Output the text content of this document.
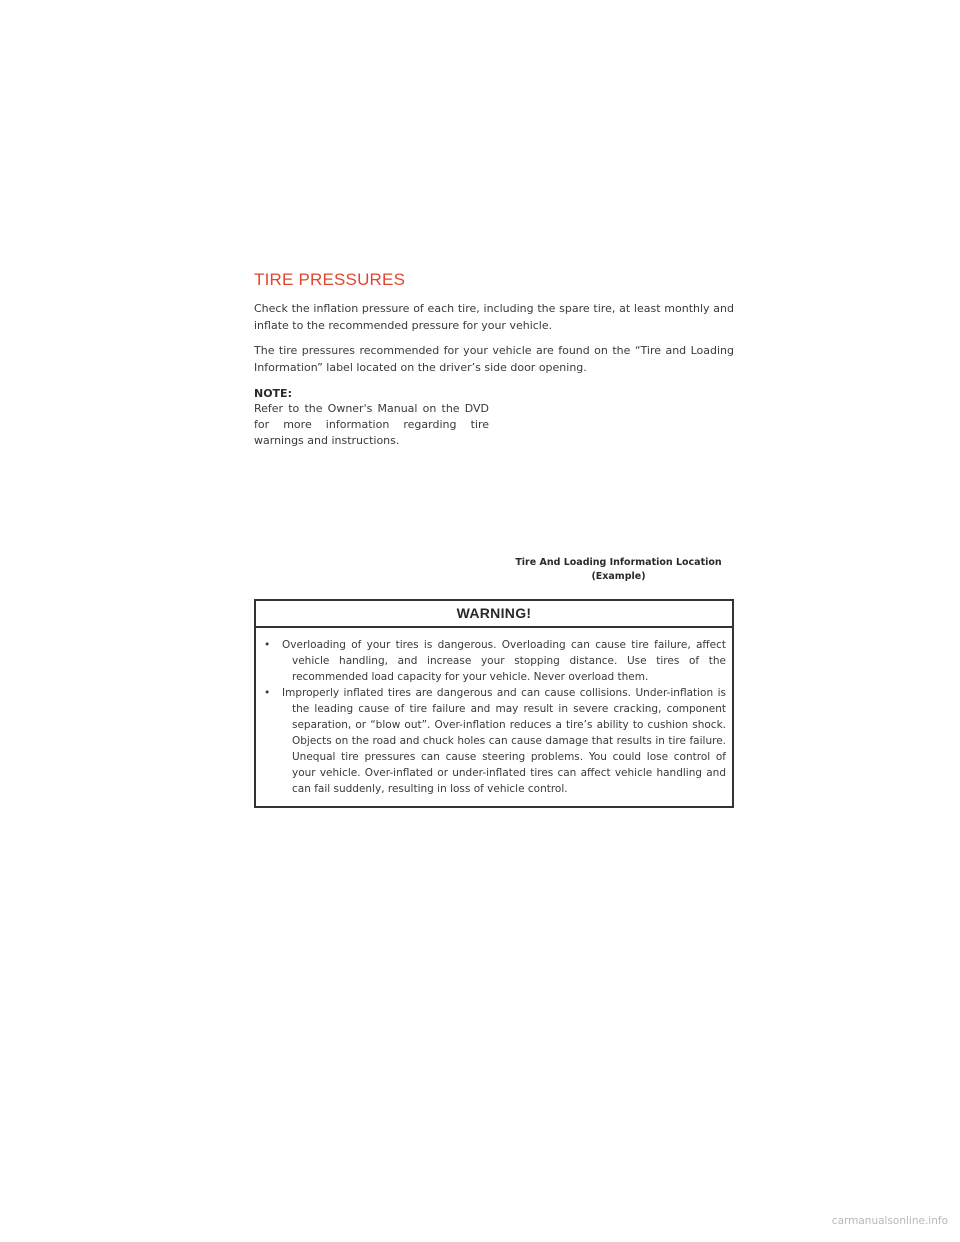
TIRE PRESSURES

Check the inflation pressure of each tire, including the spare tire, at least monthly and inflate to the recommended pressure for your vehicle.

The tire pressures recommended for your vehicle are found on the “Tire and Loading Information” label located on the driver’s side door opening.

NOTE:

Refer to the Owner's Manual on the DVD for more information regarding tire warnings and instructions.

Tire And Loading Information Location (Example)

WARNING!
• Overloading of your tires is dangerous. Overloading can cause tire failure, affect vehicle handling, and increase your stopping distance. Use tires of the recommended load capacity for your vehicle. Never overload them.
• Improperly inflated tires are dangerous and can cause collisions. Under-inflation is the leading cause of tire failure and may result in severe cracking, component separation, or “blow out”. Over-inflation reduces a tire’s ability to cushion shock. Objects on the road and chuck holes can cause damage that results in tire failure. Unequal tire pressures can cause steering problems. You could lose control of your vehicle. Over-inflated or under-inflated tires can affect vehicle handling and can fail suddenly, resulting in loss of vehicle control.

carmanualsonline.info
